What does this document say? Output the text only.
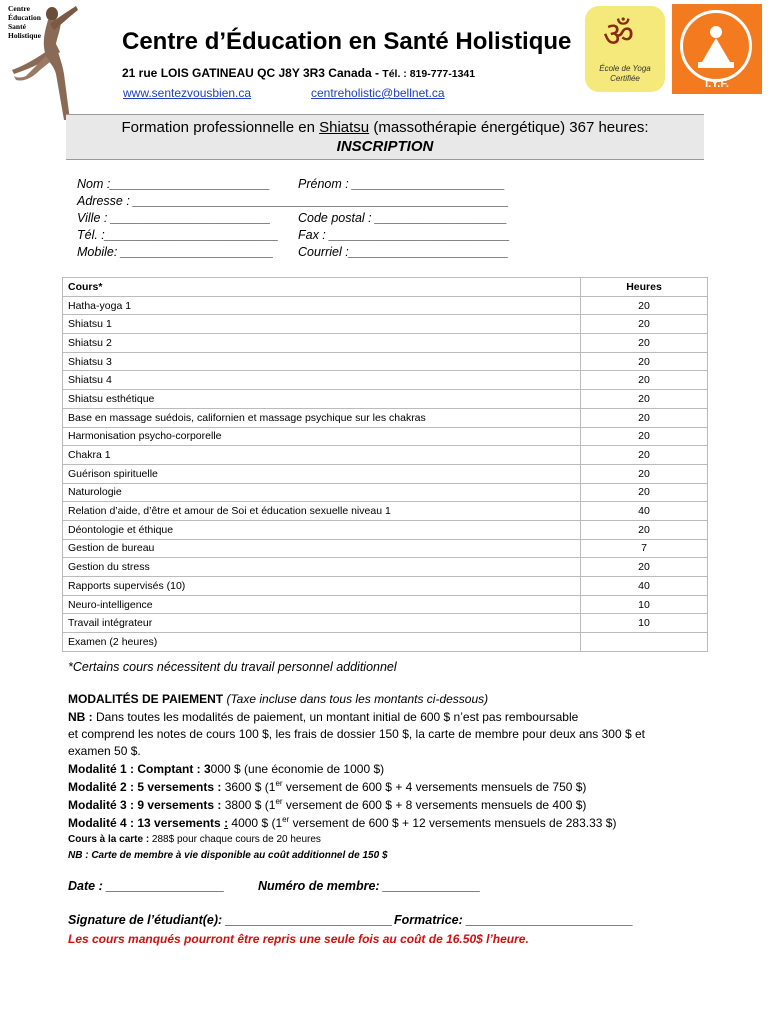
Centre
Éducation
Santé
Holistique	Centre d’Éducation en Santé Holistique
21 rue LOIS GATINEAU QC J8Y 3R3 Canada - Tél. : 819-777-1341
www.sentezvousbien.ca	centreholistic@bellnet.ca
ॐ
École de Yoga Certifiée	I.Y.F.
Formation professionnelle en Shiatsu (massothérapie énergétique) 367 heures:
INSCRIPTION
Nom :_______________________ Prénom : ______________________
Adresse : ______________________________________________________
Ville : _______________________ Code postal : ___________________
Tél. :_________________________ Fax : __________________________
Mobile: ______________________ Courriel :_______________________
Cours*	Heures
Hatha-yoga 1	20
Shiatsu 1	20
Shiatsu 2	20
Shiatsu 3	20
Shiatsu 4	20
Shiatsu esthétique	20
Base en massage suédois, californien et massage psychique sur les chakras	20
Harmonisation psycho-corporelle	20
Chakra 1	20
Guérison spirituelle	20
Naturologie	20
Relation d’aide, d’être et amour de Soi et éducation sexuelle niveau 1	40
Déontologie et éthique	20
Gestion de bureau	7
Gestion du stress	20
Rapports supervisés (10)	40
Neuro-intelligence	10
Travail intégrateur	10
Examen (2 heures)	
*Certains cours nécessitent du travail personnel additionnel
MODALITÉS DE PAIEMENT (Taxe incluse dans tous les montants ci-dessous)
NB : Dans toutes les modalités de paiement, un montant initial de 600 $ n’est pas remboursable
et comprend les notes de cours 100 $, les frais de dossier 150 $, la carte de membre pour deux ans 300 $ et
examen 50 $.
Modalité 1 : Comptant : 3000 $ (une économie de 1000 $)
Modalité 2 : 5 versements : 3600 $ (1er versement de 600 $ + 4 versements mensuels de 750 $)
Modalité 3 : 9 versements : 3800 $ (1er versement de 600 $ + 8 versements mensuels de 400 $)
Modalité 4 : 13 versements : 4000 $ (1er versement de 600 $ + 12 versements mensuels de 283.33 $)
Cours à la carte : 288$ pour chaque cours de 20 heures
NB : Carte de membre à vie disponible au coût additionnel de 150 $
Date : _________________	Numéro de membre: ______________
Signature de l’étudiant(e): ________________________ Formatrice: ________________________
Les cours manqués pourront être repris une seule fois au coût de 16.50$ l’heure.
